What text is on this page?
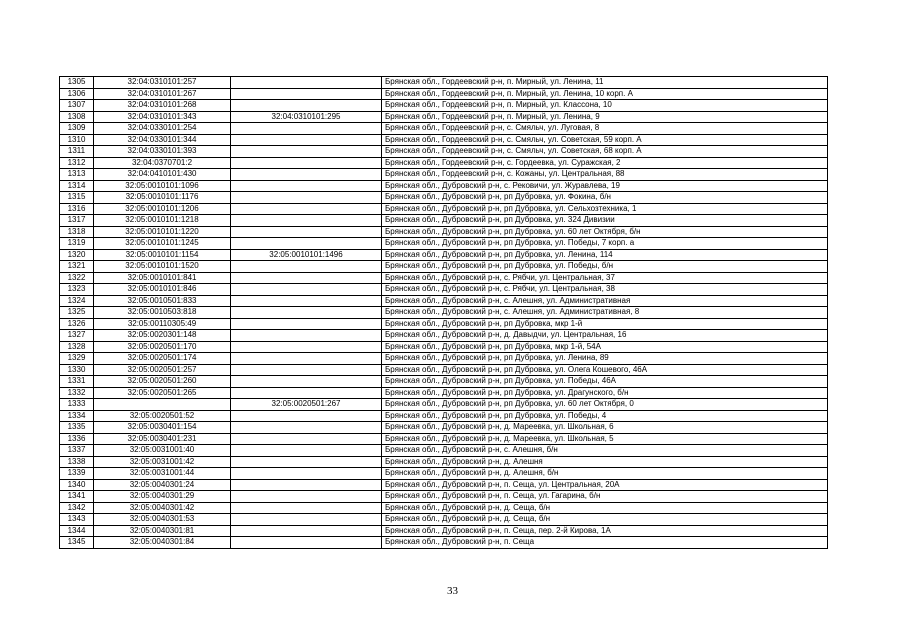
1305	32:04:0310101:257		Брянская обл., Гордеевский р-н, п. Мирный, ул. Ленина, 11
1306	32:04:0310101:267		Брянская обл., Гордеевский р-н, п. Мирный, ул. Ленина, 10 корп. А
1307	32:04:0310101:268		Брянская обл., Гордеевский р-н, п. Мирный, ул. Классона, 10
1308	32:04:0310101:343	32:04:0310101:295	Брянская обл., Гордеевский р-н, п. Мирный, ул. Ленина, 9
1309	32:04:0330101:254		Брянская обл., Гордеевский р-н, с. Смяльч, ул. Луговая, 8
1310	32:04:0330101:344		Брянская обл., Гордеевский р-н, с. Смяльч, ул. Советская, 59 корп. А
1311	32:04:0330101:393		Брянская обл., Гордеевский р-н, с. Смяльч, ул. Советская, 68 корп. А
1312	32:04:0370701:2		Брянская обл., Гордеевский р-н, с. Гордеевка, ул. Суражская, 2
1313	32:04:0410101:430		Брянская обл., Гордеевский р-н, с. Кожаны, ул. Центральная, 88
1314	32:05:0010101:1096		Брянская обл., Дубровский р-н, с. Рековичи, ул. Журавлева, 19
1315	32:05:0010101:1176		Брянская обл., Дубровский р-н, рп Дубровка, ул. Фокина, б/н
1316	32:05:0010101:1206		Брянская обл., Дубровский р-н, рп Дубровка, ул. Сельхозтехника, 1
1317	32:05:0010101:1218		Брянская обл., Дубровский р-н, рп Дубровка, ул. 324 Дивизии
1318	32:05:0010101:1220		Брянская обл., Дубровский р-н, рп Дубровка, ул. 60 лет Октября, б/н
1319	32:05:0010101:1245		Брянская обл., Дубровский р-н, рп Дубровка, ул. Победы, 7 корп. а
1320	32:05:0010101:1154	32:05:0010101:1496	Брянская обл., Дубровский р-н, рп Дубровка, ул. Ленина, 114
1321	32:05:0010101:1520		Брянская обл., Дубровский р-н, рп Дубровка, ул. Победы, б/н
1322	32:05:0010101:841		Брянская обл., Дубровский р-н, с. Рябчи, ул. Центральная, 37
1323	32:05:0010101:846		Брянская обл., Дубровский р-н, с. Рябчи, ул. Центральная, 38
1324	32:05:0010501:833		Брянская обл., Дубровский р-н, с. Алешня, ул. Административная
1325	32:05:0010503:818		Брянская обл., Дубровский р-н, с. Алешня, ул. Административная, 8
1326	32:05:00110305:49		Брянская обл., Дубровский р-н, рп Дубровка, мкр 1-й
1327	32:05:0020301:148		Брянская обл., Дубровский р-н, д. Давыдчи, ул. Центральная, 16
1328	32:05:0020501:170		Брянская обл., Дубровский р-н, рп Дубровка, мкр 1-й, 54А
1329	32:05:0020501:174		Брянская обл., Дубровский р-н, рп Дубровка, ул. Ленина, 89
1330	32:05:0020501:257		Брянская обл., Дубровский р-н, рп Дубровка, ул. Олега Кошевого, 46А
1331	32:05:0020501:260		Брянская обл., Дубровский р-н, рп Дубровка, ул. Победы, 46А
1332	32:05:0020501:265		Брянская обл., Дубровский р-н, рп Дубровка, ул. Драгунского, б/н
1333		32:05:0020501:267	Брянская обл., Дубровский р-н, рп Дубровка, ул. 60 лет Октября, 0
1334	32:05:0020501:52		Брянская обл., Дубровский р-н, рп Дубровка, ул. Победы, 4
1335	32:05:0030401:154		Брянская обл., Дубровский р-н, д. Мареевка, ул. Школьная, 6
1336	32:05:0030401:231		Брянская обл., Дубровский р-н, д. Мареевка, ул. Школьная, 5
1337	32:05:0031001:40		Брянская обл., Дубровский р-н, с. Алешня, б/н
1338	32:05:0031001:42		Брянская обл., Дубровский р-н, д. Алешня
1339	32:05:0031001:44		Брянская обл., Дубровский р-н, д. Алешня, б/н
1340	32:05:0040301:24		Брянская обл., Дубровский р-н, п. Сеща, ул. Центральная, 20А
1341	32:05:0040301:29		Брянская обл., Дубровский р-н, п. Сеща, ул. Гагарина, б/н
1342	32:05:0040301:42		Брянская обл., Дубровский р-н, д. Сеща, б/н
1343	32:05:0040301:53		Брянская обл., Дубровский р-н, д. Сеща, б/н
1344	32:05:0040301:81		Брянская обл., Дубровский р-н, п. Сеща, пер. 2-й Кирова, 1А
1345	32:05:0040301:84		Брянская обл., Дубровский р-н, п. Сеща
33
